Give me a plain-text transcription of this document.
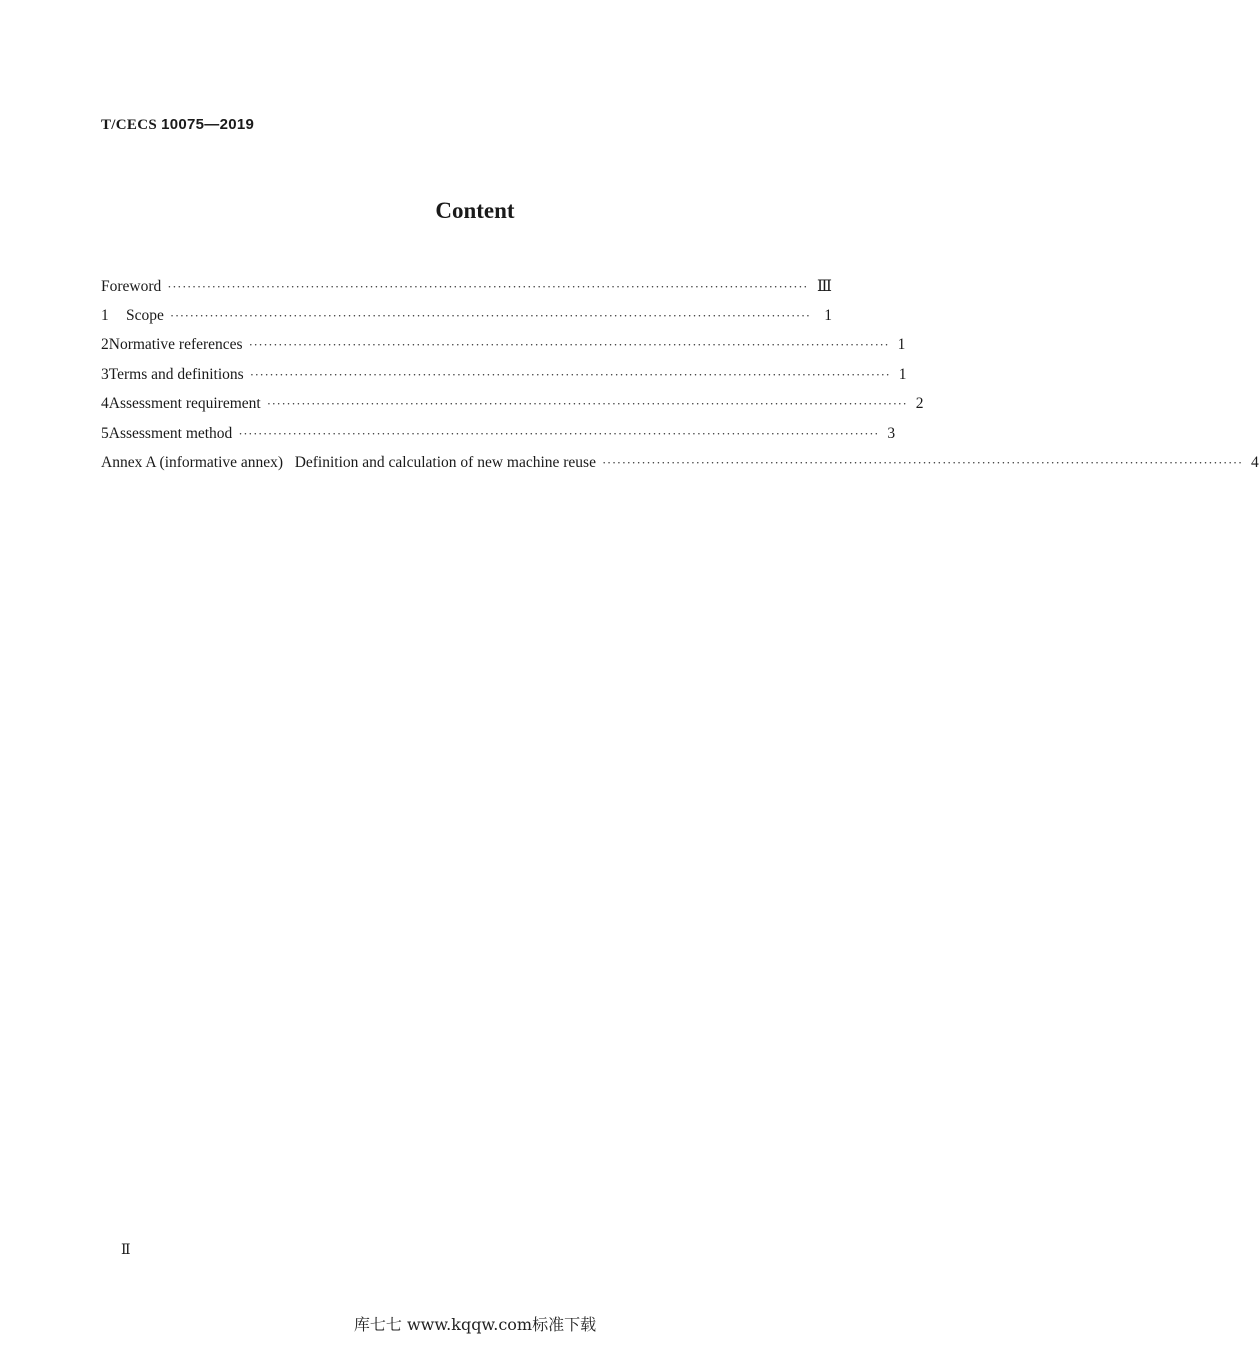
T/CECS 10075—2019
Content
Foreword ·································································································································· Ⅲ
1	Scope ·································································································································· 1
2 Normative references ·································································································································· 1
3 Terms and definitions ·································································································································· 1
4 Assessment requirement ·································································································································· 2
5 Assessment method ·································································································································· 3
Annex A (informative annex)   Definition and calculation of new machine reuse ·································································································································· 4
Ⅱ
库七七 www.kqqw.com标准下载
